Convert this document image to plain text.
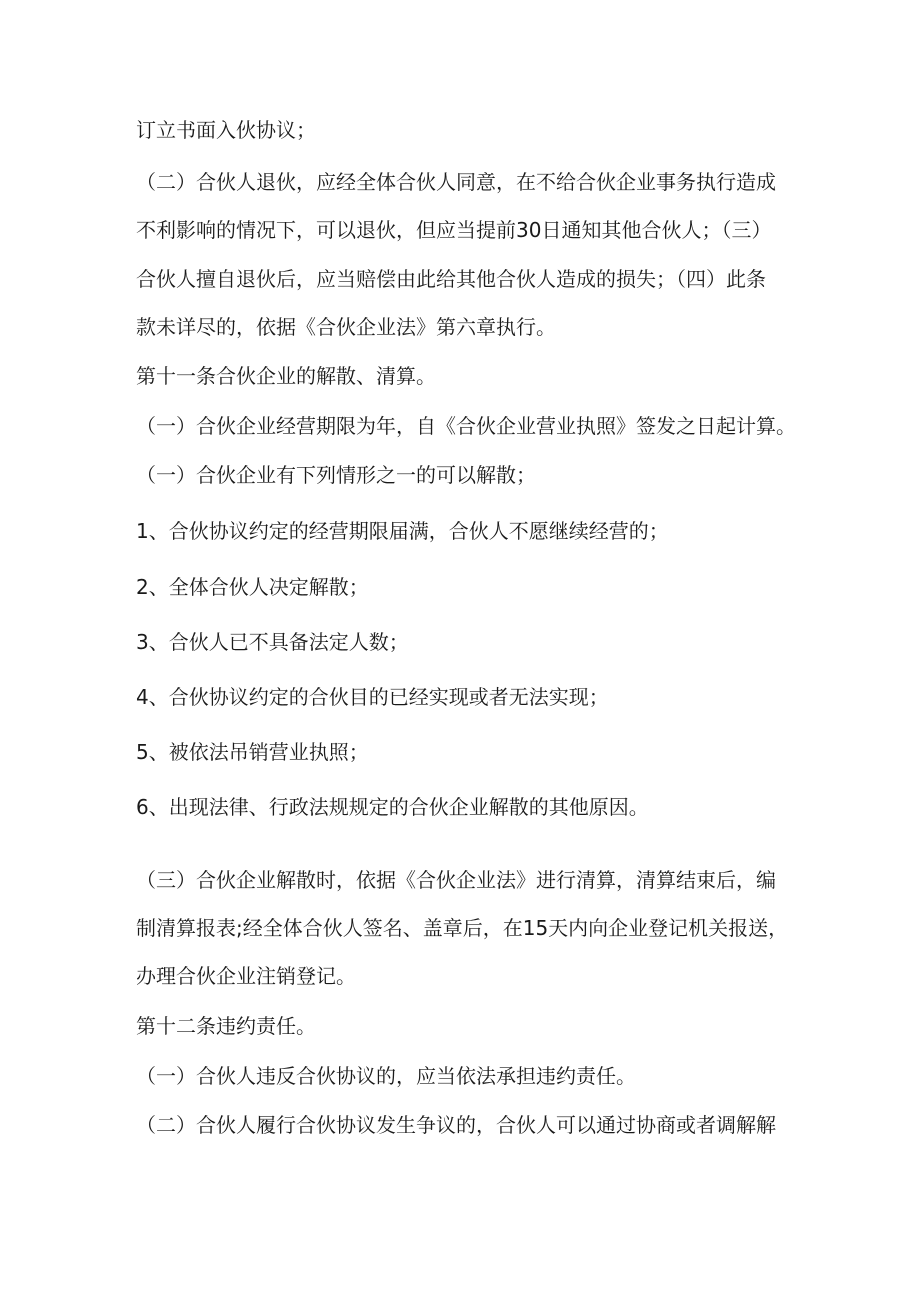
订立书面入伙协议；
（二）合伙人退伙，应经全体合伙人同意，在不给合伙企业事务执行造成
不利影响的情况下，可以退伙，但应当提前30日通知其他合伙人；（三）
合伙人擅自退伙后，应当赔偿由此给其他合伙人造成的损失；（四）此条
款未详尽的，依据《合伙企业法》第六章执行。
第十一条合伙企业的解散、清算。
（一）合伙企业经营期限为年，自《合伙企业营业执照》签发之日起计算。
（一）合伙企业有下列情形之一的可以解散；
1、合伙协议约定的经营期限届满，合伙人不愿继续经营的；
2、全体合伙人决定解散；
3、合伙人已不具备法定人数；
4、合伙协议约定的合伙目的已经实现或者无法实现；
5、被依法吊销营业执照；
6、出现法律、行政法规规定的合伙企业解散的其他原因。
（三）合伙企业解散时，依据《合伙企业法》进行清算，清算结束后，编
制清算报表;经全体合伙人签名、盖章后，在15天内向企业登记机关报送，
办理合伙企业注销登记。
第十二条违约责任。
（一）合伙人违反合伙协议的，应当依法承担违约责任。
（二）合伙人履行合伙协议发生争议的，合伙人可以通过协商或者调解解
